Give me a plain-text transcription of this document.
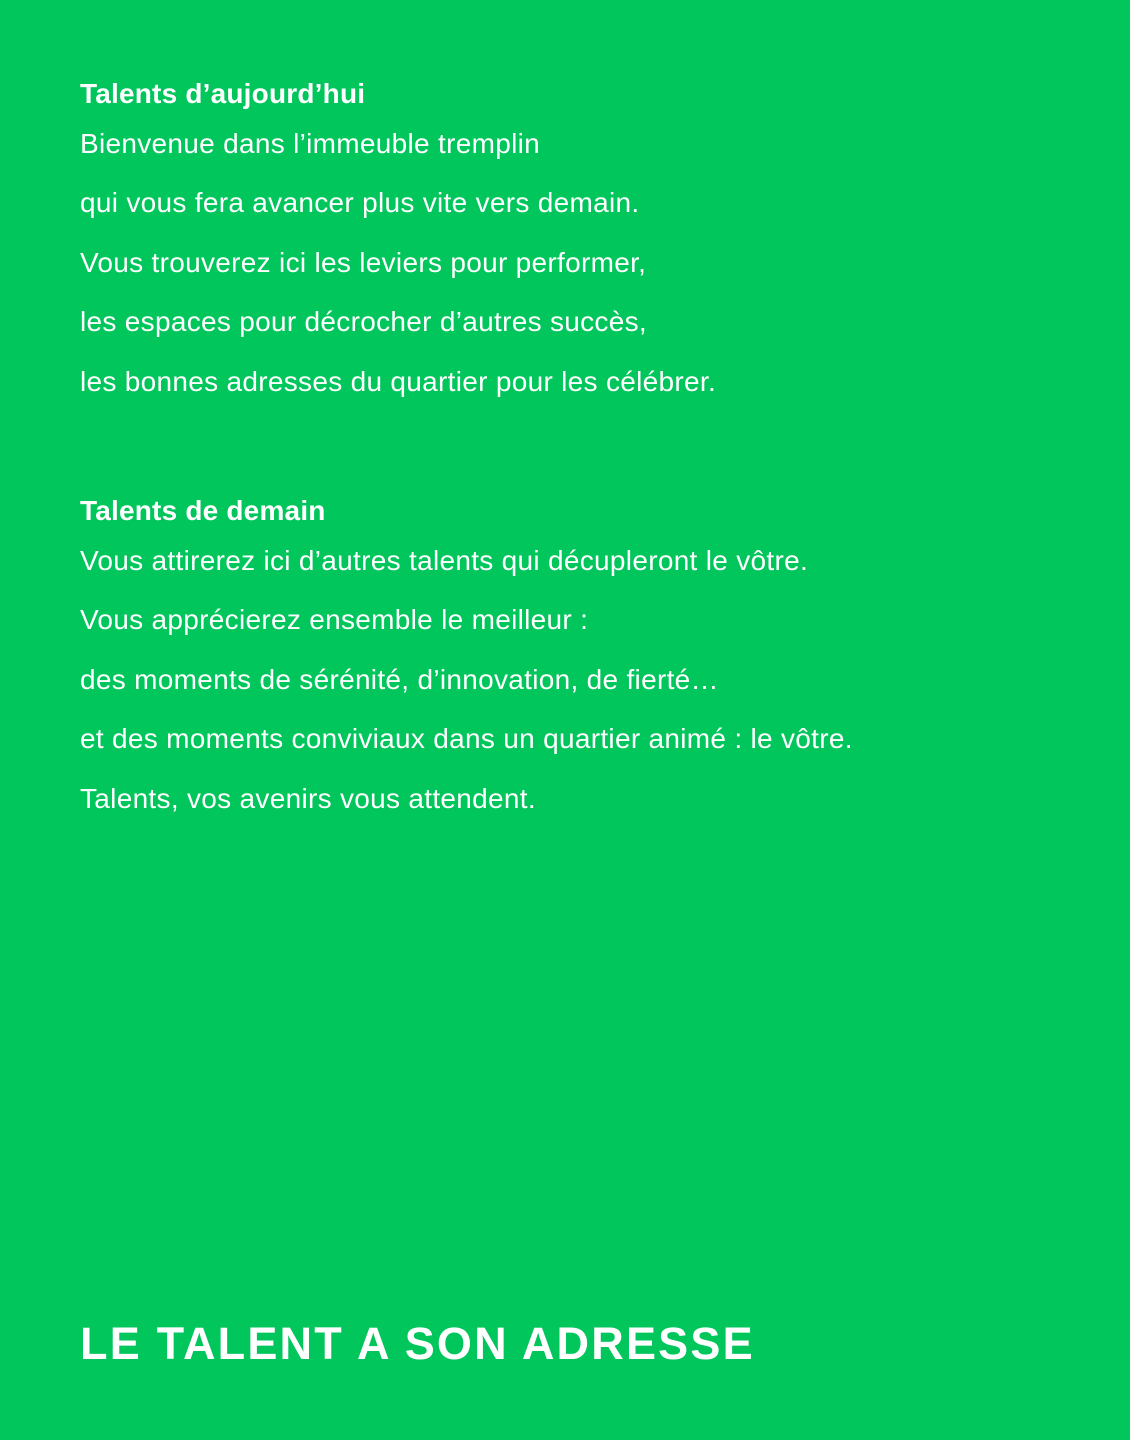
Talents d’aujourd’hui
Bienvenue dans l’immeuble tremplin
qui vous fera avancer plus vite vers demain.
Vous trouverez ici les leviers pour performer,
les espaces pour décrocher d’autres succès,
les bonnes adresses du quartier pour les célébrer.
Talents de demain
Vous attirerez ici d’autres talents qui décupleront le vôtre.
Vous apprécierez ensemble le meilleur :
des moments de sérénité, d’innovation, de fierté…
et des moments conviviaux dans un quartier animé : le vôtre.
Talents, vos avenirs vous attendent.
LE TALENT A SON ADRESSE
